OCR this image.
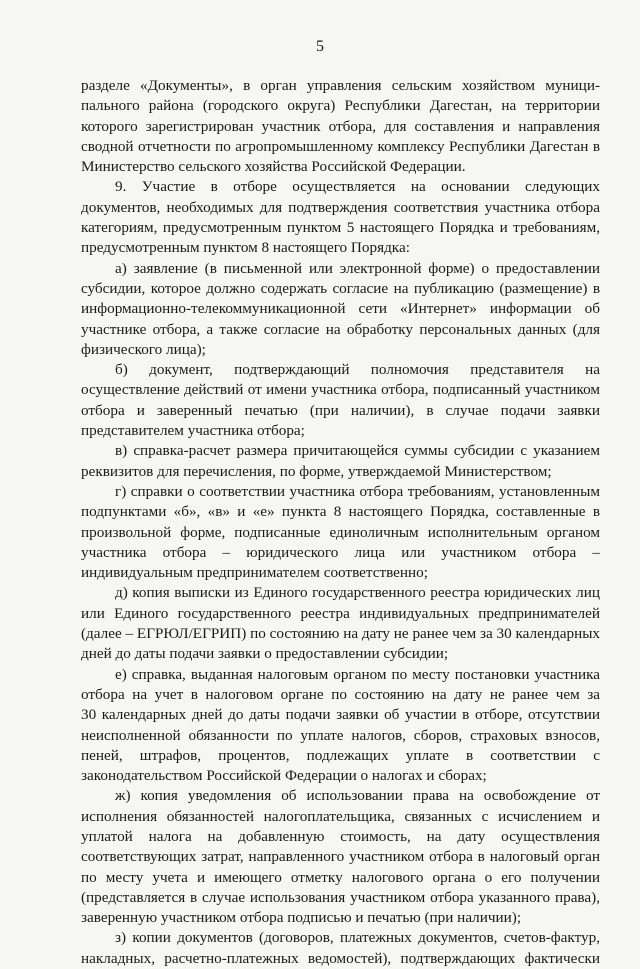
5
разделе «Документы», в орган управления сельским хозяйством муници-
пального района (городского округа) Республики Дагестан, на территории
которого зарегистрирован участник отбора, для составления и направления
сводной отчетности по агропромышленному комплексу Республики Дагестан в
Министерство сельского хозяйства Российской Федерации.
9. Участие в отборе осуществляется на основании следующих
документов, необходимых для подтверждения соответствия участника отбора
категориям, предусмотренным пунктом 5 настоящего Порядка и требованиям,
предусмотренным пунктом 8 настоящего Порядка:
а) заявление (в письменной или электронной форме) о предоставлении
субсидии, которое должно содержать согласие на публикацию (размещение) в
информационно-телекоммуникационной сети «Интернет» информации об
участнике отбора, а также согласие на обработку персональных данных (для
физического лица);
б) документ, подтверждающий полномочия представителя на
осуществление действий от имени участника отбора, подписанный участником
отбора и заверенный печатью (при наличии), в случае подачи заявки
представителем участника отбора;
в) справка-расчет размера причитающейся суммы субсидии с указанием
реквизитов для перечисления, по форме, утверждаемой Министерством;
г) справки о соответствии участника отбора требованиям, установленным
подпунктами «б», «в» и «е» пункта 8 настоящего Порядка, составленные в
произвольной форме, подписанные единоличным исполнительным органом
участника отбора – юридического лица или участником отбора –
индивидуальным предпринимателем соответственно;
д) копия выписки из Единого государственного реестра юридических лиц
или Единого государственного реестра индивидуальных предпринимателей
(далее – ЕГРЮЛ/ЕГРИП) по состоянию на дату не ранее чем за 30 календарных
дней до даты подачи заявки о предоставлении субсидии;
е) справка, выданная налоговым органом по месту постановки участника
отбора на учет в налоговом органе по состоянию на дату не ранее чем за
30 календарных дней до даты подачи заявки об участии в отборе, отсутствии
неисполненной обязанности по уплате налогов, сборов, страховых взносов,
пеней, штрафов, процентов, подлежащих уплате в соответствии с
законодательством Российской Федерации о налогах и сборах;
ж) копия уведомления об использовании права на освобождение от
исполнения обязанностей налогоплательщика, связанных с исчислением и
уплатой налога на добавленную стоимость, на дату осуществления
соответствующих затрат, направленного участником отбора в налоговый орган
по месту учета и имеющего отметку налогового органа о его получении
(представляется в случае использования участником отбора указанного права),
заверенную участником отбора подписью и печатью (при наличии);
з) копии документов (договоров, платежных документов, счетов-фактур,
накладных, расчетно-платежных ведомостей), подтверждающих фактически
